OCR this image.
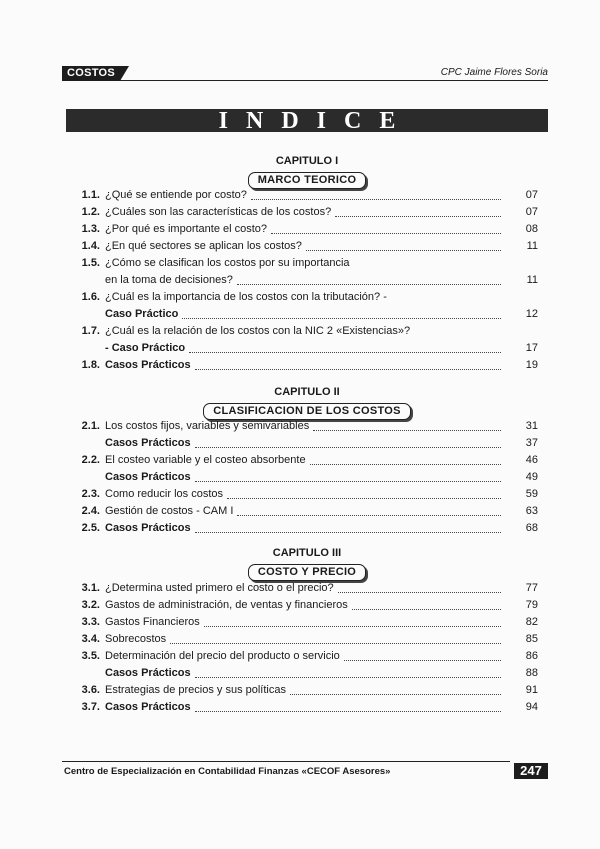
COSTOS	CPC Jaime Flores Soria
INDICE
CAPITULO I
MARCO TEORICO
1.1. ¿Qué se entiende por costo?	07
1.2. ¿Cuáles son las características de los costos?	07
1.3. ¿Por qué es importante el costo?	08
1.4. ¿En qué sectores se aplican los costos?	11
1.5. ¿Cómo se clasifican los costos por su importancia
en la toma de decisiones?	11
1.6. ¿Cuál es la importancia de los costos con la tributación? -
Caso Práctico	12
1.7. ¿Cuál es la relación de los costos con la NIC 2 «Existencias»?
- Caso Práctico	17
1.8. Casos Prácticos	19
CAPITULO II
CLASIFICACION DE LOS COSTOS
2.1. Los costos fijos, variables y semivariables	31
Casos Prácticos	37
2.2. El costeo variable y el costeo absorbente	46
Casos Prácticos	49
2.3. Como reducir los costos	59
2.4. Gestión de costos - CAM I	63
2.5. Casos Prácticos	68
CAPITULO III
COSTO Y PRECIO
3.1. ¿Determina usted primero el costo o el precio?	77
3.2. Gastos de administración, de ventas y financieros	79
3.3. Gastos Financieros	82
3.4. Sobrecostos	85
3.5. Determinación del precio del producto o servicio	86
Casos Prácticos	88
3.6. Estrategias de precios y sus políticas	91
3.7. Casos Prácticos	94
Centro de Especialización en Contabilidad Finanzas «CECOF Asesores»	247
